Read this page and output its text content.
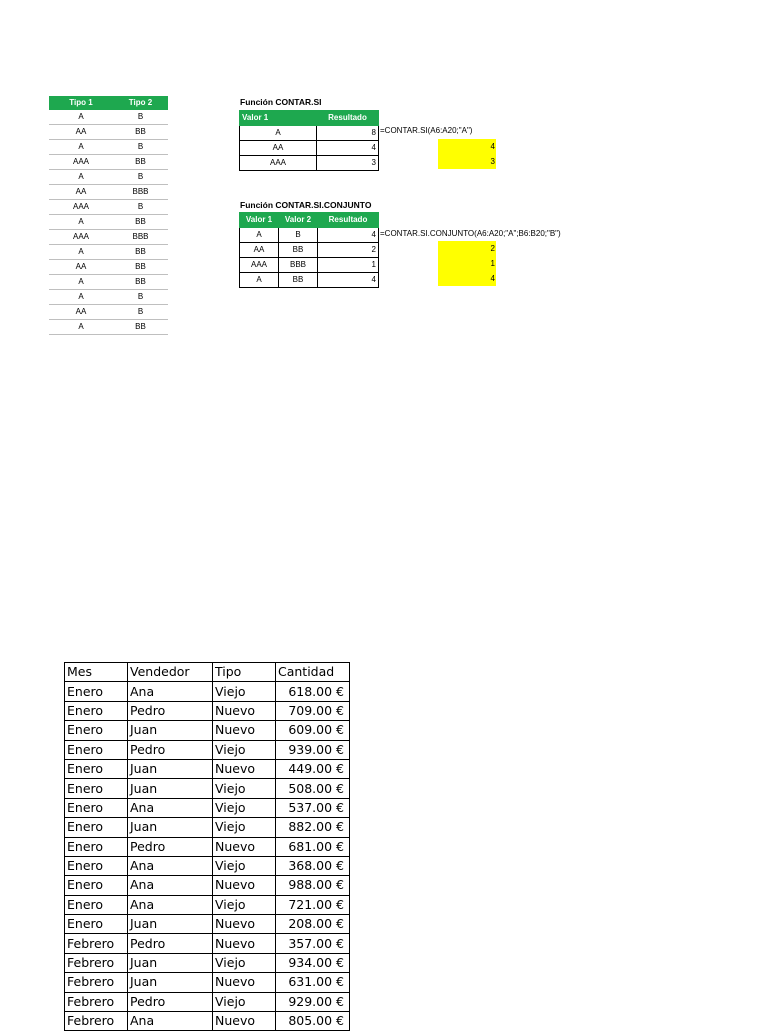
Tipo 1	Tipo 2
A	B
AA	BB
A	B
AAA	BB
A	B
AA	BBB
AAA	B
A	BB
AAA	BBB
A	BB
AA	BB
A	BB
A	B
AA	B
A	BB
Función CONTAR.SI
Valor 1	Resultado
A	8
AA	4
AAA	3
=CONTAR.SI(A6:A20;"A")
4
3
Función CONTAR.SI.CONJUNTO
Valor 1	Valor 2	Resultado
A	B	4
AA	BB	2
AAA	BBB	1
A	BB	4
=CONTAR.SI.CONJUNTO(A6:A20;"A";B6:B20;"B")
2
1
4
Mes	Vendedor	Tipo	Cantidad
Enero	Ana	Viejo	618.00 €
Enero	Pedro	Nuevo	709.00 €
Enero	Juan	Nuevo	609.00 €
Enero	Pedro	Viejo	939.00 €
Enero	Juan	Nuevo	449.00 €
Enero	Juan	Viejo	508.00 €
Enero	Ana	Viejo	537.00 €
Enero	Juan	Viejo	882.00 €
Enero	Pedro	Nuevo	681.00 €
Enero	Ana	Viejo	368.00 €
Enero	Ana	Nuevo	988.00 €
Enero	Ana	Viejo	721.00 €
Enero	Juan	Nuevo	208.00 €
Febrero	Pedro	Nuevo	357.00 €
Febrero	Juan	Viejo	934.00 €
Febrero	Juan	Nuevo	631.00 €
Febrero	Pedro	Viejo	929.00 €
Febrero	Ana	Nuevo	805.00 €
